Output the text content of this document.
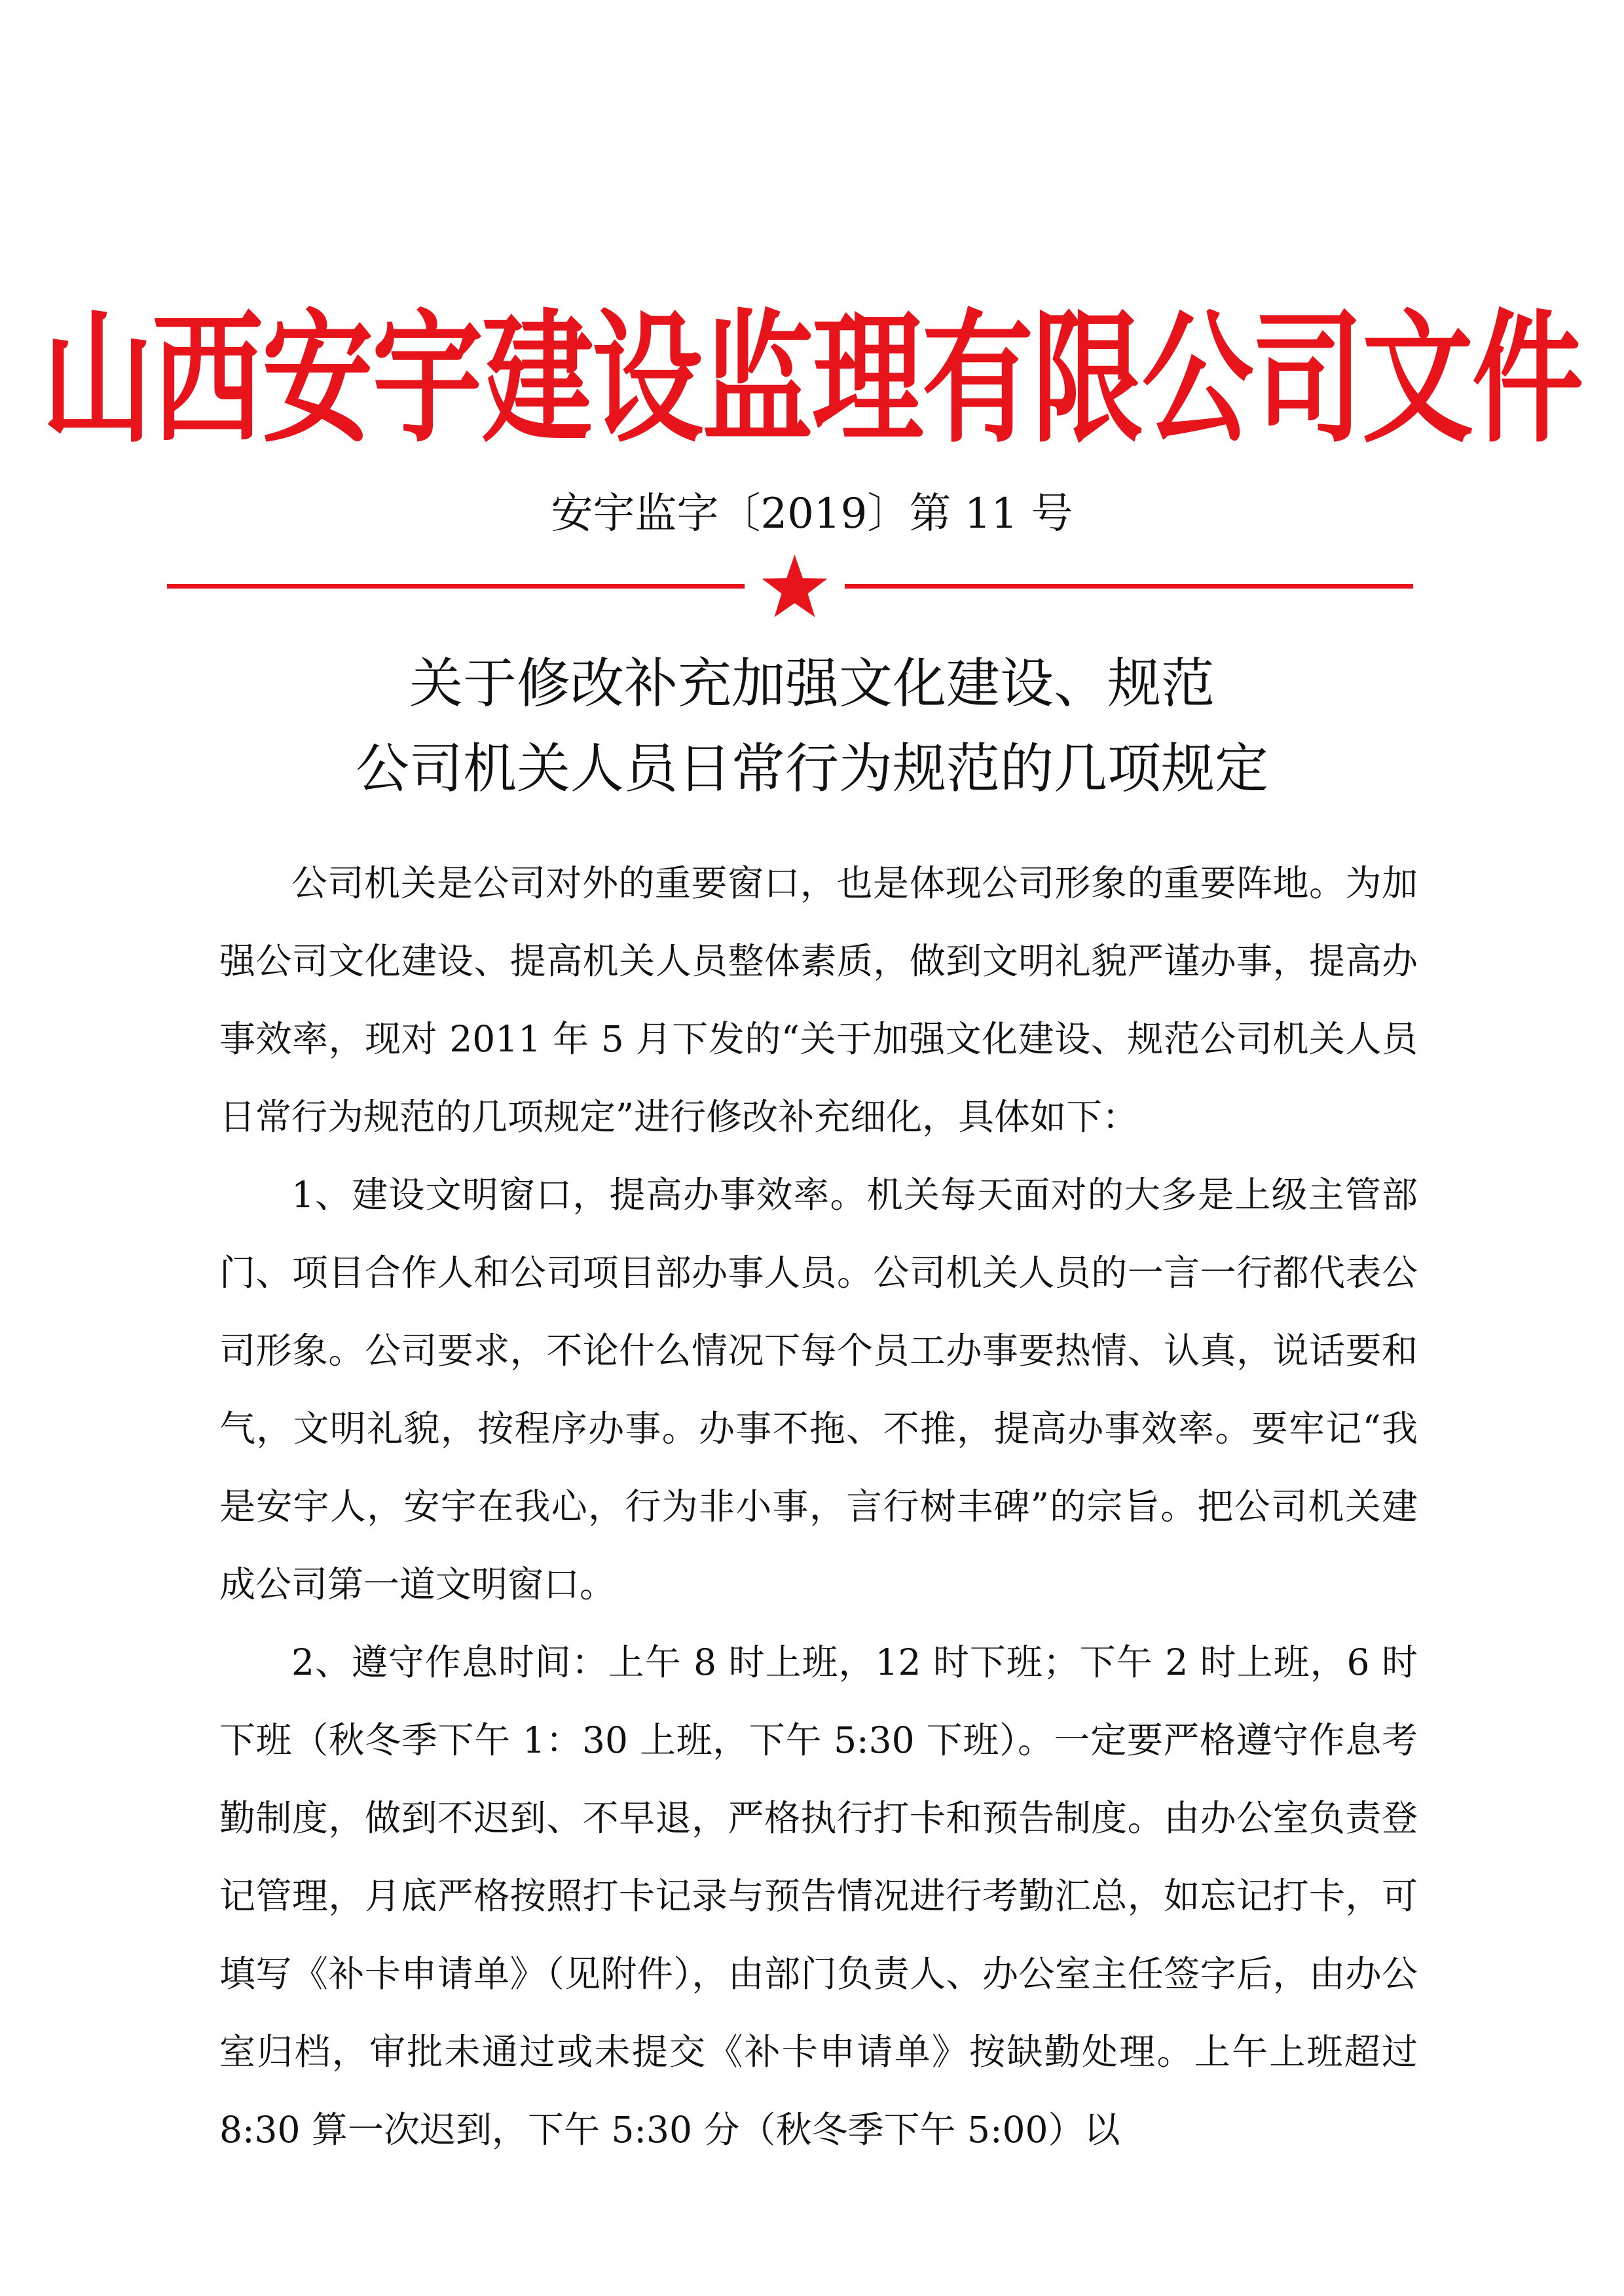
山西安宇建设监理有限公司文件
安宇监字〔2019〕第 11 号
关于修改补充加强文化建设、规范
公司机关人员日常行为规范的几项规定

公司机关是公司对外的重要窗口，也是体现公司形象的重要阵地。为加强公司文化建设、提高机关人员整体素质，做到文明礼貌严谨办事，提高办事效率，现对 2011 年 5 月下发的“关于加强文化建设、规范公司机关人员日常行为规范的几项规定”进行修改补充细化，具体如下：

1、建设文明窗口，提高办事效率。机关每天面对的大多是上级主管部门、项目合作人和公司项目部办事人员。公司机关人员的一言一行都代表公司形象。公司要求，不论什么情况下每个员工办事要热情、认真，说话要和气，文明礼貌，按程序办事。办事不拖、不推，提高办事效率。要牢记“我是安宇人，安宇在我心，行为非小事，言行树丰碑”的宗旨。把公司机关建成公司第一道文明窗口。

2、遵守作息时间：上午 8 时上班，12 时下班；下午 2 时上班，6 时下班（秋冬季下午 1：30 上班，下午 5:30 下班）。一定要严格遵守作息考勤制度，做到不迟到、不早退，严格执行打卡和预告制度。由办公室负责登记管理，月底严格按照打卡记录与预告情况进行考勤汇总，如忘记打卡，可填写《补卡申请单》（见附件），由部门负责人、办公室主任签字后，由办公室归档，审批未通过或未提交《补卡申请单》按缺勤处理。上午上班超过 8:30 算一次迟到，下午 5:30 分（秋冬季下午 5:00）以
